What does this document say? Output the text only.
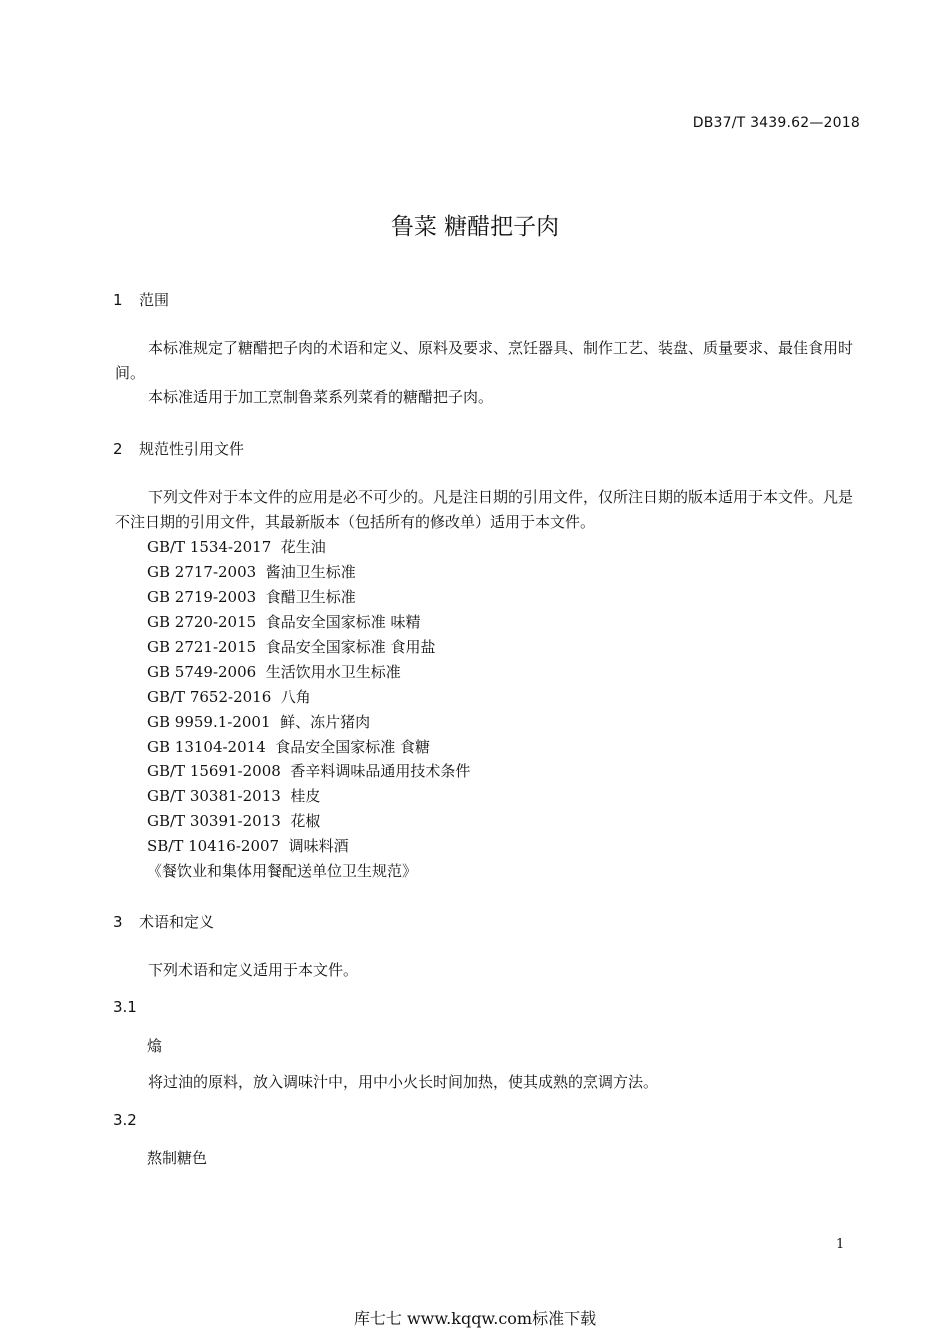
DB37/T 3439.62—2018
鲁菜 糖醋把子肉
1 范围

本标准规定了糖醋把子肉的术语和定义、原料及要求、烹饪器具、制作工艺、装盘、质量要求、最佳食用时间。

本标准适用于加工烹制鲁菜系列菜肴的糖醋把子肉。

2 规范性引用文件

下列文件对于本文件的应用是必不可少的。凡是注日期的引用文件，仅所注日期的版本适用于本文件。凡是不注日期的引用文件，其最新版本（包括所有的修改单）适用于本文件。

GB/T 1534-2017 花生油
GB 2717-2003 酱油卫生标准
GB 2719-2003 食醋卫生标准
GB 2720-2015 食品安全国家标准 味精
GB 2721-2015 食品安全国家标准 食用盐
GB 5749-2006 生活饮用水卫生标准
GB/T 7652-2016 八角
GB 9959.1-2001 鲜、冻片猪肉
GB 13104-2014 食品安全国家标准 食糖
GB/T 15691-2008 香辛料调味品通用技术条件
GB/T 30381-2013 桂皮
GB/T 30391-2013 花椒
SB/T 10416-2007 调味料酒
《餐饮业和集体用餐配送单位卫生规范》
3 术语和定义

下列术语和定义适用于本文件。

3.1
熻

将过油的原料，放入调味汁中，用中小火长时间加热，使其成熟的烹调方法。

3.2
熬制糖色
1
库七七 www.kqqw.com标准下载
